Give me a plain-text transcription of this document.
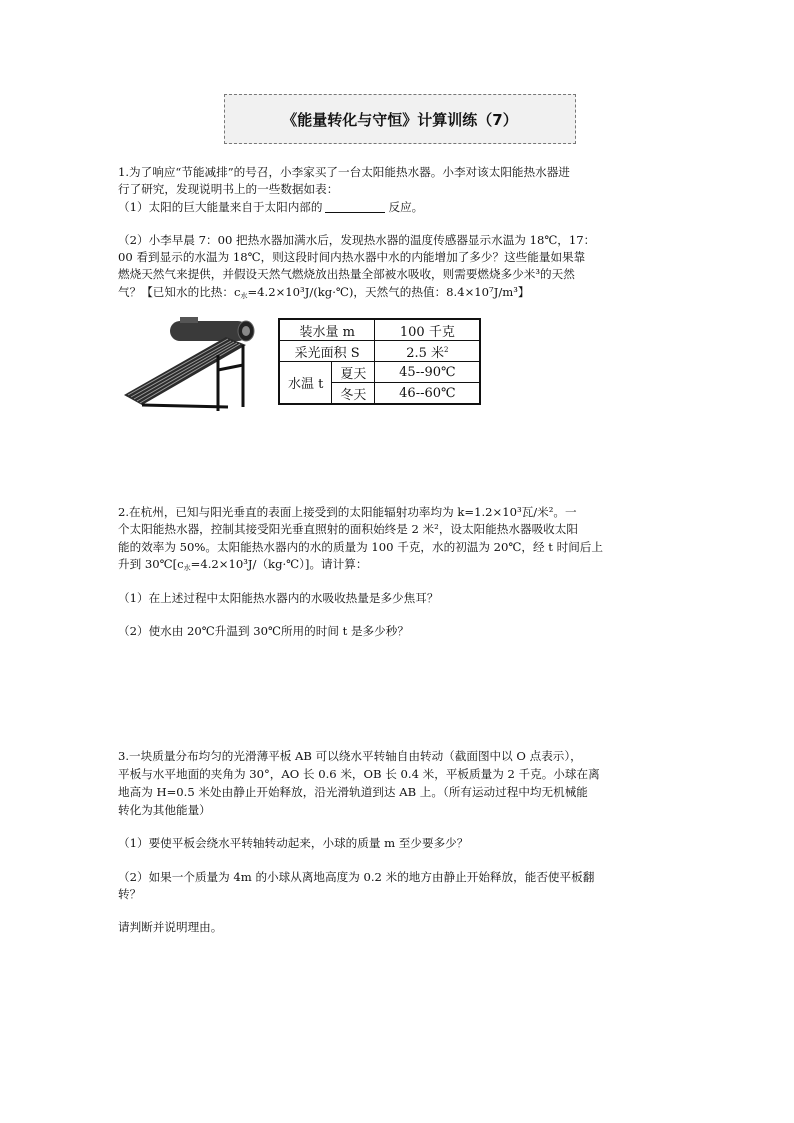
《能量转化与守恒》计算训练（7）
1.为了响应“节能减排”的号召，小李家买了一台太阳能热水器。小李对该太阳能热水器进
行了研究，发现说明书上的一些数据如表：
（1）太阳的巨大能量来自于太阳内部的	反应。
（2）小李早晨 7：00 把热水器加满水后，发现热水器的温度传感器显示水温为 18℃，17：
00 看到显示的水温为 18℃，则这段时间内热水器中水的内能增加了多少？这些能量如果靠
燃烧天然气来提供，并假设天然气燃烧放出热量全部被水吸收，则需要燃烧多少米³的天然
气？【已知水的比热：$c_水=4.2\times 10^3J/(kg\cdot℃)$，天然气的热值：8.4×10⁷J/m³】
装水量 m		100 千克
采光面积 S		2.5 米$^2$
水温 t	夏天	45--90℃
	冬天	46--60℃
2.在杭州，已知与阳光垂直的表面上接受到的太阳能辐射功率均为 k=1.2×10³瓦/米²。一
个太阳能热水器，控制其接受阳光垂直照射的面积始终是 2 米²，设太阳能热水器吸收太阳
能的效率为 50%。太阳能热水器内的水的质量为 100 千克，水的初温为 20℃，经 t 时间后上
升到 $30℃[c_水=4.2\times 10^3J/(kg\cdot℃)]$。请计算：
（1）在上述过程中太阳能热水器内的水吸收热量是多少焦耳？
（2）使水由 20℃升温到 30℃所用的时间 t 是多少秒？
3.一块质量分布均匀的光滑薄平板 AB 可以绕水平转轴自由转动（截面图中以 O 点表示），
平板与水平地面的夹角为 30°，AO 长 0.6 米，OB 长 0.4 米，平板质量为 2 千克。小球在离
地高为 H=0.5 米处由静止开始释放，沿光滑轨道到达 AB 上。（所有运动过程中均无机械能
转化为其他能量）
（1）要使平板会绕水平转轴转动起来，小球的质量 m 至少要多少？
（2）如果一个质量为 4m 的小球从离地高度为 0.2 米的地方由静止开始释放，能否使平板翻
转？
请判断并说明理由。
